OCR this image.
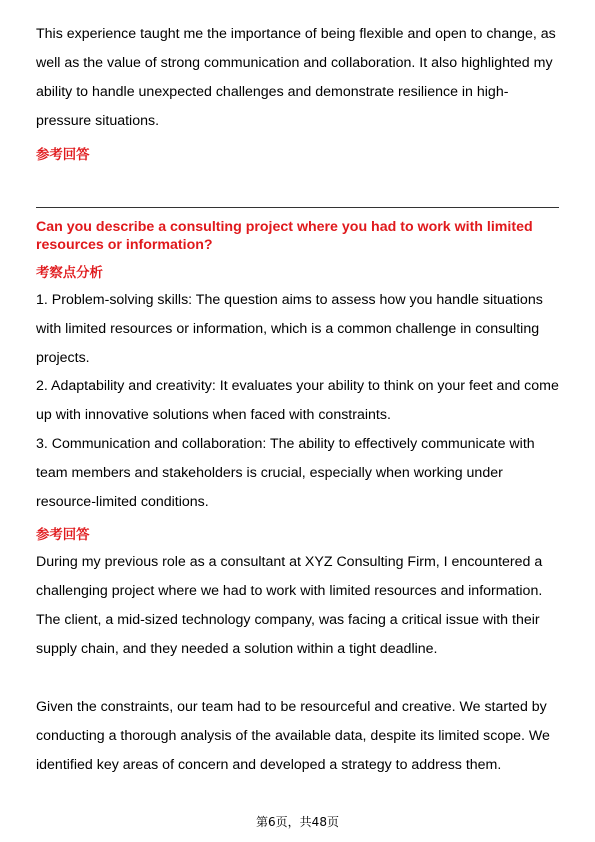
This experience taught me the importance of being flexible and open to change, as well as the value of strong communication and collaboration. It also highlighted my ability to handle unexpected challenges and demonstrate resilience in high-pressure situations.

参考回答

Can you describe a consulting project where you had to work with limited resources or information?

考察点分析

1. Problem-solving skills: The question aims to assess how you handle situations with limited resources or information, which is a common challenge in consulting projects.

2. Adaptability and creativity: It evaluates your ability to think on your feet and come up with innovative solutions when faced with constraints.

3. Communication and collaboration: The ability to effectively communicate with team members and stakeholders is crucial, especially when working under resource-limited conditions.

参考回答

During my previous role as a consultant at XYZ Consulting Firm, I encountered a challenging project where we had to work with limited resources and information. The client, a mid-sized technology company, was facing a critical issue with their supply chain, and they needed a solution within a tight deadline.

Given the constraints, our team had to be resourceful and creative. We started by conducting a thorough analysis of the available data, despite its limited scope. We identified key areas of concern and developed a strategy to address them.

第6页，共48页
